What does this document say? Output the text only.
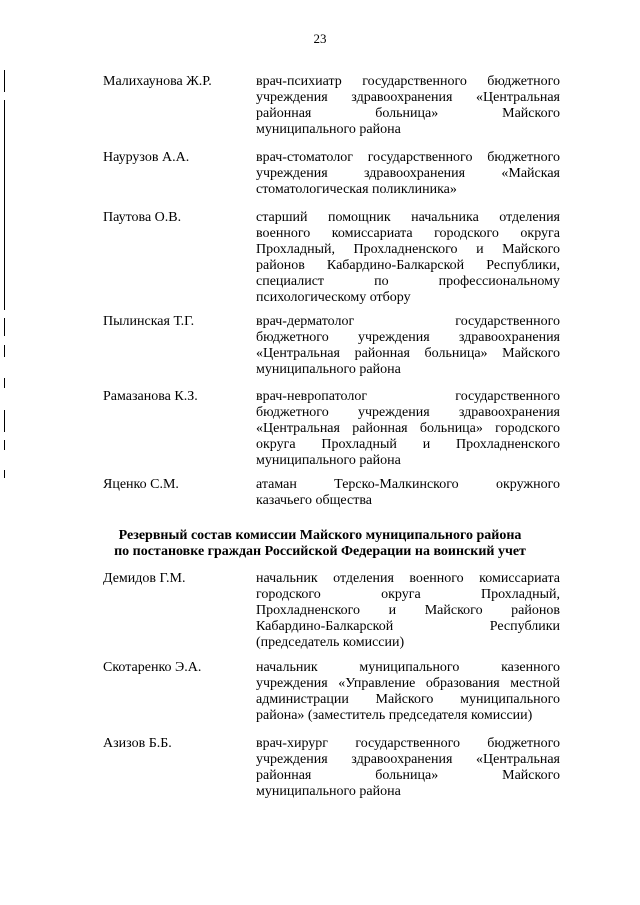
23
Малихаунова Ж.Р.	врач-психиатр государственного бюджетного
учреждения здравоохранения «Центральная
районная больница» Майского
муниципального района
Наурузов А.А.	врач-стоматолог государственного бюджетного
учреждения здравоохранения «Майская
стоматологическая поликлиника»
Паутова О.В.	старший помощник начальника отделения
военного комиссариата городского округа
Прохладный, Прохладненского и Майского
районов Кабардино-Балкарской Республики,
специалист по профессиональному
психологическому отбору
Пылинская Т.Г.	врач-дерматолог государственного
бюджетного учреждения здравоохранения
«Центральная районная больница» Майского
муниципального района
Рамазанова К.З.	врач-невропатолог государственного
бюджетного учреждения здравоохранения
«Центральная районная больница» городского
округа Прохладный и Прохладненского
муниципального района
Яценко С.М.	атаман Терско-Малкинского окружного
казачьего общества
Резервный состав комиссии Майского муниципального района
по постановке граждан Российской Федерации на воинский учет
Демидов Г.М.	начальник отделения военного комиссариата
городского округа Прохладный,
Прохладненского и Майского районов
Кабардино-Балкарской Республики
(председатель комиссии)
Скотаренко Э.А.	начальник муниципального казенного
учреждения «Управление образования местной
администрации Майского муниципального
района» (заместитель председателя комиссии)
Азизов Б.Б.	врач-хирург государственного бюджетного
учреждения здравоохранения «Центральная
районная больница» Майского
муниципального района
